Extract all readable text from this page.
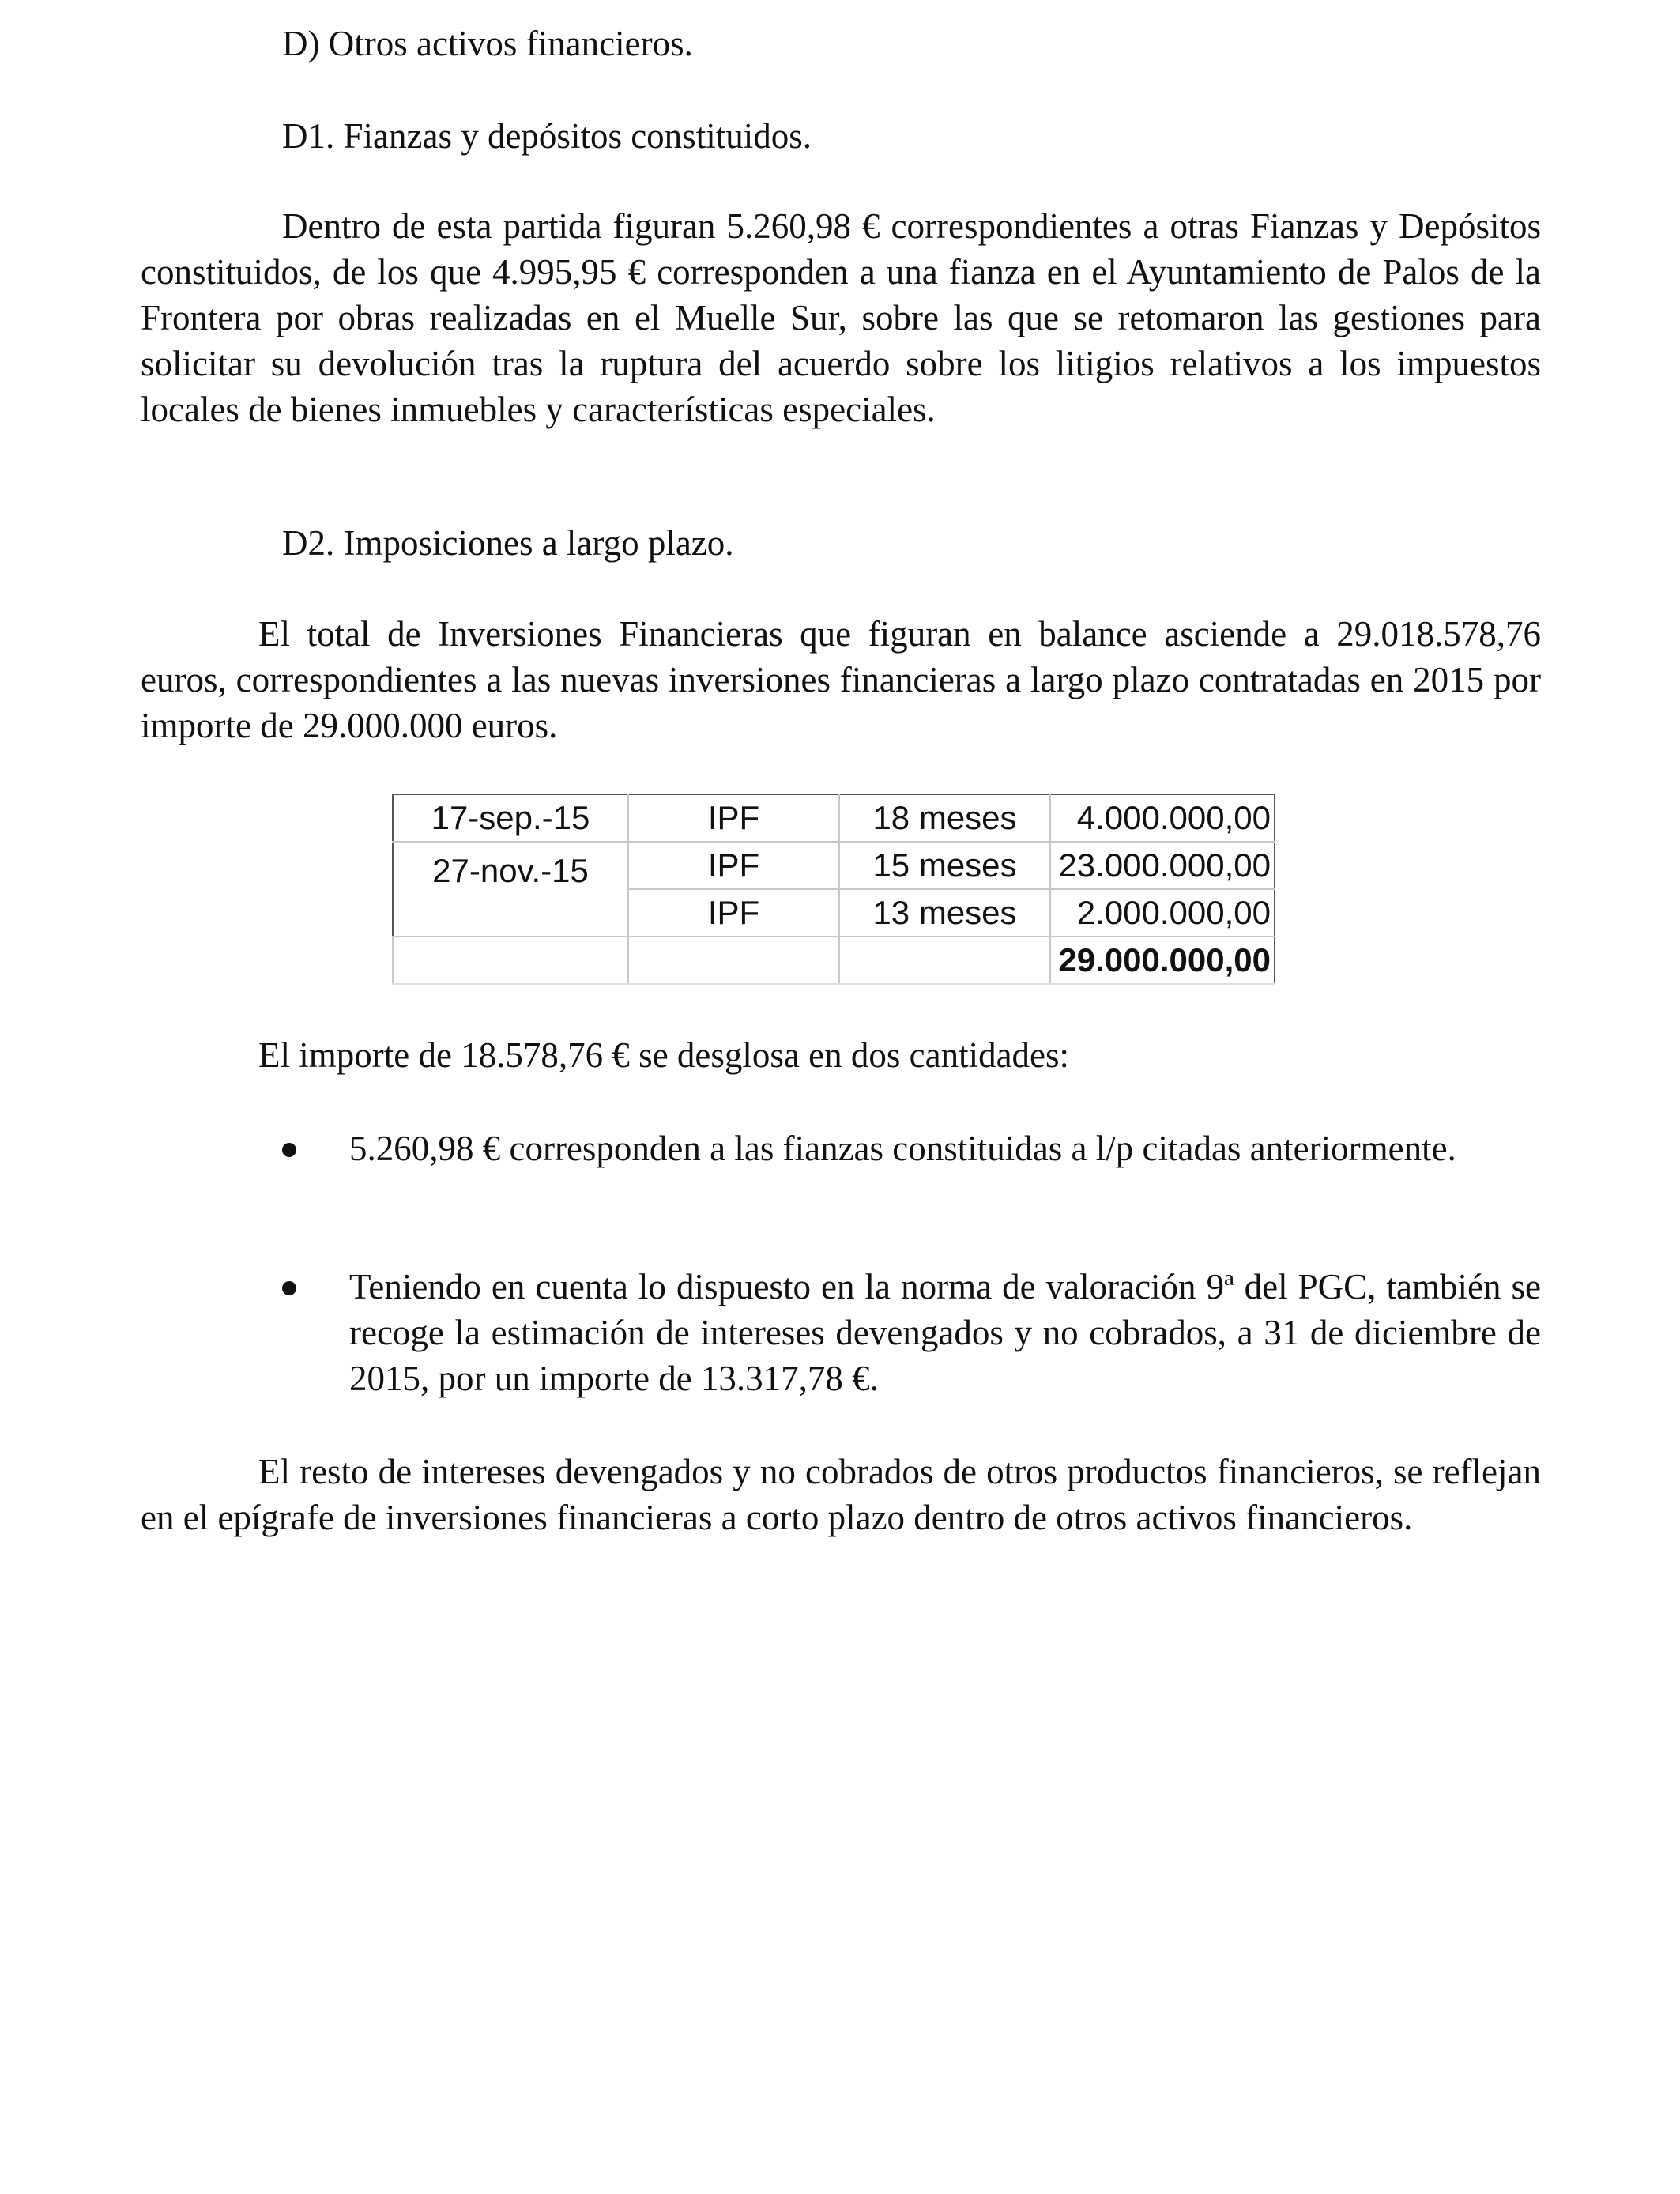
D) Otros activos financieros.

D1. Fianzas y depósitos constituidos.

Dentro de esta partida figuran 5.260,98 € correspondientes a otras Fianzas y Depósitos constituidos, de los que 4.995,95 € corresponden a una fianza en el Ayuntamiento de Palos de la Frontera por obras realizadas en el Muelle Sur, sobre las que se retomaron las gestiones para solicitar su devolución tras la ruptura del acuerdo sobre los litigios relativos a los impuestos locales de bienes inmuebles y características especiales.

D2. Imposiciones a largo plazo.

El total de Inversiones Financieras que figuran en balance asciende a 29.018.578,76 euros, correspondientes a las nuevas inversiones financieras a largo plazo contratadas en 2015 por importe de 29.000.000 euros.

17-sep.-15	IPF	18 meses	4.000.000,00
27-nov.-15	IPF	15 meses	23.000.000,00
	IPF	13 meses	2.000.000,00
			29.000.000,00

El importe de 18.578,76 € se desglosa en dos cantidades:

5.260,98 € corresponden a las fianzas constituidas a l/p citadas anteriormente.
Teniendo en cuenta lo dispuesto en la norma de valoración 9ª del PGC, también se recoge la estimación de intereses devengados y no cobrados, a 31 de diciembre de 2015, por un importe de 13.317,78 €.

El resto de intereses devengados y no cobrados de otros productos financieros, se reflejan en el epígrafe de inversiones financieras a corto plazo dentro de otros activos financieros.
